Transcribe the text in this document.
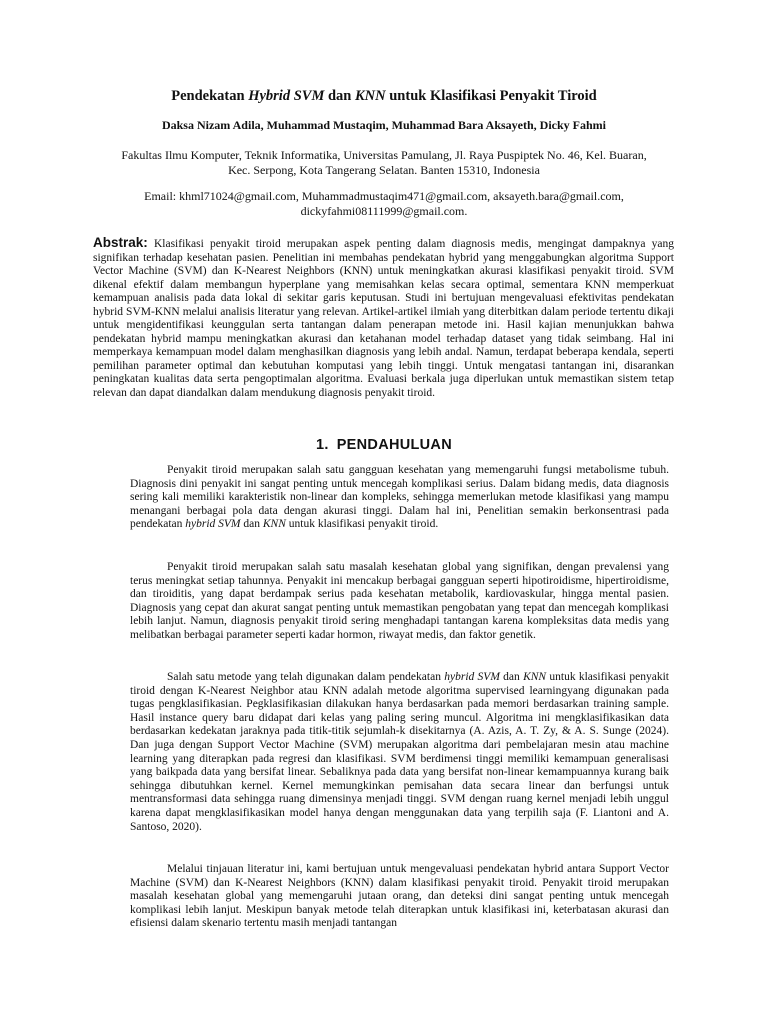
Pendekatan Hybrid SVM dan KNN untuk Klasifikasi Penyakit Tiroid
Daksa Nizam Adila, Muhammad Mustaqim, Muhammad Bara Aksayeth, Dicky Fahmi
Fakultas Ilmu Komputer, Teknik Informatika, Universitas Pamulang, Jl. Raya Puspiptek No. 46, Kel. Buaran,
Kec. Serpong, Kota Tangerang Selatan. Banten 15310, Indonesia
Email: khml71024@gmail.com, Muhammadmustaqim471@gmail.com, aksayeth.bara@gmail.com,
dickyfahmi08111999@gmail.com.
Abstrak: Klasifikasi penyakit tiroid merupakan aspek penting dalam diagnosis medis, mengingat dampaknya yang signifikan terhadap kesehatan pasien. Penelitian ini membahas pendekatan hybrid yang menggabungkan algoritma Support Vector Machine (SVM) dan K-Nearest Neighbors (KNN) untuk meningkatkan akurasi klasifikasi penyakit tiroid. SVM dikenal efektif dalam membangun hyperplane yang memisahkan kelas secara optimal, sementara KNN memperkuat kemampuan analisis pada data lokal di sekitar garis keputusan. Studi ini bertujuan mengevaluasi efektivitas pendekatan hybrid SVM-KNN melalui analisis literatur yang relevan. Artikel-artikel ilmiah yang diterbitkan dalam periode tertentu dikaji untuk mengidentifikasi keunggulan serta tantangan dalam penerapan metode ini. Hasil kajian menunjukkan bahwa pendekatan hybrid mampu meningkatkan akurasi dan ketahanan model terhadap dataset yang tidak seimbang. Hal ini memperkaya kemampuan model dalam menghasilkan diagnosis yang lebih andal. Namun, terdapat beberapa kendala, seperti pemilihan parameter optimal dan kebutuhan komputasi yang lebih tinggi. Untuk mengatasi tantangan ini, disarankan peningkatan kualitas data serta pengoptimalan algoritma. Evaluasi berkala juga diperlukan untuk memastikan sistem tetap relevan dan dapat diandalkan dalam mendukung diagnosis penyakit tiroid.
1. PENDAHULUAN

Penyakit tiroid merupakan salah satu gangguan kesehatan yang memengaruhi fungsi metabolisme tubuh. Diagnosis dini penyakit ini sangat penting untuk mencegah komplikasi serius. Dalam bidang medis, data diagnosis sering kali memiliki karakteristik non-linear dan kompleks, sehingga memerlukan metode klasifikasi yang mampu menangani berbagai pola data dengan akurasi tinggi. Dalam hal ini, Penelitian semakin berkonsentrasi pada pendekatan hybrid SVM dan KNN untuk klasifikasi penyakit tiroid.

Penyakit tiroid merupakan salah satu masalah kesehatan global yang signifikan, dengan prevalensi yang terus meningkat setiap tahunnya. Penyakit ini mencakup berbagai gangguan seperti hipotiroidisme, hipertiroidisme, dan tiroiditis, yang dapat berdampak serius pada kesehatan metabolik, kardiovaskular, hingga mental pasien. Diagnosis yang cepat dan akurat sangat penting untuk memastikan pengobatan yang tepat dan mencegah komplikasi lebih lanjut. Namun, diagnosis penyakit tiroid sering menghadapi tantangan karena kompleksitas data medis yang melibatkan berbagai parameter seperti kadar hormon, riwayat medis, dan faktor genetik.

Salah satu metode yang telah digunakan dalam pendekatan hybrid SVM dan KNN untuk klasifikasi penyakit tiroid dengan K-Nearest Neighbor atau KNN adalah metode algoritma supervised learningyang digunakan pada tugas pengklasifikasian. Pegklasifikasian dilakukan hanya berdasarkan pada memori berdasarkan training sample. Hasil instance query baru didapat dari kelas yang paling sering muncul. Algoritma ini mengklasifikasikan data berdasarkan kedekatan jaraknya pada titik-titik sejumlah-k disekitarnya (A. Azis, A. T. Zy, & A. S. Sunge (2024). Dan juga dengan Support Vector Machine (SVM) merupakan algoritma dari pembelajaran mesin atau machine learning yang diterapkan pada regresi dan klasifikasi. SVM berdimensi tinggi memiliki kemampuan generalisasi yang baikpada data yang bersifat linear. Sebaliknya pada data yang bersifat non-linear kemampuannya kurang baik sehingga dibutuhkan kernel. Kernel memungkinkan pemisahan data secara linear dan berfungsi untuk mentransformasi data sehingga ruang dimensinya menjadi tinggi. SVM dengan ruang kernel menjadi lebih unggul karena dapat mengklasifikasikan model hanya dengan menggunakan data yang terpilih saja (F. Liantoni and A. Santoso, 2020).

Melalui tinjauan literatur ini, kami bertujuan untuk mengevaluasi pendekatan hybrid antara Support Vector Machine (SVM) dan K-Nearest Neighbors (KNN) dalam klasifikasi penyakit tiroid. Penyakit tiroid merupakan masalah kesehatan global yang memengaruhi jutaan orang, dan deteksi dini sangat penting untuk mencegah komplikasi lebih lanjut. Meskipun banyak metode telah diterapkan untuk klasifikasi ini, keterbatasan akurasi dan efisiensi dalam skenario tertentu masih menjadi tantangan
